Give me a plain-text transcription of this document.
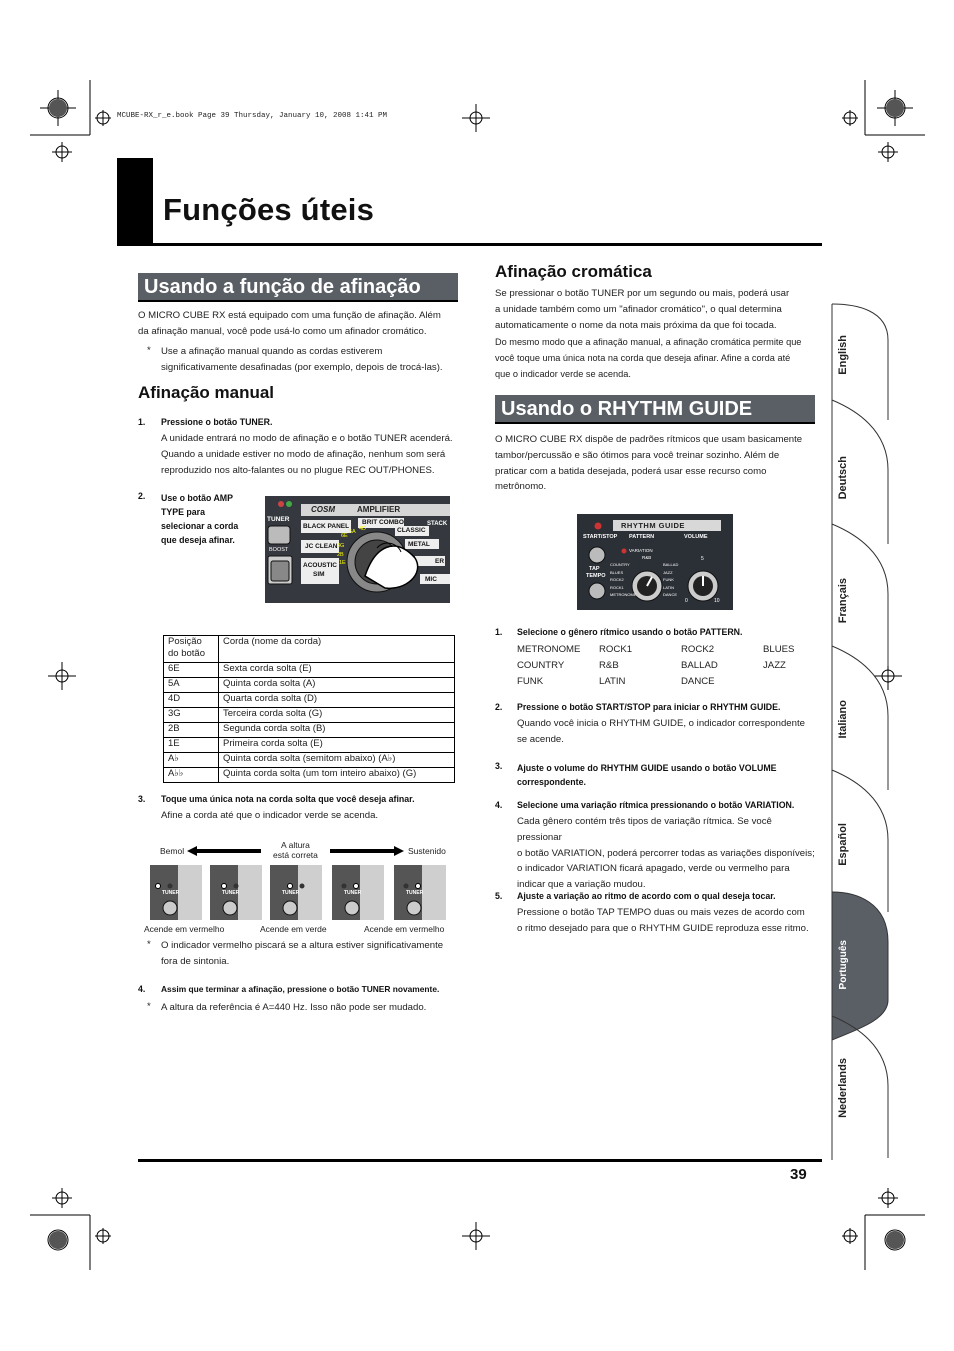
MCUBE-RX_r_e.book Page 39 Thursday, January 10, 2008 1:41 PM
Funções úteis
Usando a função de afinação
O MICRO CUBE RX está equipado com uma função de afinação. Além
da afinação manual, você pode usá-lo como um afinador cromático.
* Use a afinação manual quando as cordas estiverem
significativamente desafinadas (por exemplo, depois de trocá-las).
Afinação manual
1. Pressione o botão TUNER.
A unidade entrará no modo de afinação e o botão TUNER acenderá.
Quando a unidade estiver no modo de afinação, nenhum som será
reproduzido nos alto-falantes ou no plugue REC OUT/PHONES.
2. Use o botão AMP
TYPE para
selecionar a corda
que deseja afinar.
TUNER
COSM	AMPLIFIER
BOOST
BLACK PANEL
BRIT COMBO	STACK
CLASSIC
JC CLEAN	METAL
ACOUSTIC
SIM
ER
MIC
6E
5A 4D
3G
2B
1E
Posição
do botão	Corda (nome da corda)
6E	Sexta corda solta (E)
5A	Quinta corda solta (A)
4D	Quarta corda solta (D)
3G	Terceira corda solta (G)
2B	Segunda corda solta (B)
1E	Primeira corda solta (E)
A♭	Quinta corda solta (semitom abaixo) (A♭)
A♭♭	Quinta corda solta (um tom inteiro abaixo) (G)
3. Toque uma única nota na corda solta que você deseja afinar.
Afine a corda até que o indicador verde se acenda.
Bemol
A altura
está correta	Sustenido
TUNER	TUNER	TUNER	TUNER	TUNER
Acende em vermelho	Acende em verde	Acende em vermelho
* O indicador vermelho piscará se a altura estiver significativamente
fora de sintonia.
4. Assim que terminar a afinação, pressione o botão TUNER novamente.
* A altura da referência é A=440 Hz. Isso não pode ser mudado.
Afinação cromática
Se pressionar o botão TUNER por um segundo ou mais, poderá usar
a unidade também como um "afinador cromático", o qual determina
automaticamente o nome da nota mais próxima da que foi tocada.
Do mesmo modo que a afinação manual, a afinação cromática permite que
você toque uma única nota na corda que deseja afinar. Afine a corda até
que o indicador verde se acenda.
Usando o RHYTHM GUIDE
O MICRO CUBE RX dispõe de padrões rítmicos que usam basicamente
tambor/percussão e são ótimos para você treinar sozinho. Além de
praticar com a batida desejada, poderá usar esse recurso como
metrônomo.
RHYTHM GUIDE
START/STOP PATTERN	VOLUME
VARIATION
TAP
TEMPO
COUNTRY
BLUES
ROCK2
ROCK1
METRONOME
R&B
BALLAD
JAZZ
FUNK
LATIN
DANCE
0
5
10
1. Selecione o gênero rítmico usando o botão PATTERN.
METRONOME	ROCK1	ROCK2	BLUES
COUNTRY	R&B	BALLAD	JAZZ
FUNK	LATIN	DANCE
2. Pressione o botão START/STOP para iniciar o RHYTHM GUIDE.
Quando você inicia o RHYTHM GUIDE, o indicador correspondente
se acende.
3. Ajuste o volume do RHYTHM GUIDE usando o botão VOLUME
correspondente.
4. Selecione uma variação rítmica pressionando o botão VARIATION.
Cada gênero contém três tipos de variação rítmica. Se você pressionar
o botão VARIATION, poderá percorrer todas as variações disponíveis;
o indicador VARIATION ficará apagado, verde ou vermelho para
indicar que a variação mudou.
5. Ajuste a variação ao ritmo de acordo com o qual deseja tocar.
Pressione o botão TAP TEMPO duas ou mais vezes de acordo com
o ritmo desejado para que o RHYTHM GUIDE reproduza esse ritmo.
English
Deutsch
Français
Italiano
Español
Português
Nederlands
39
